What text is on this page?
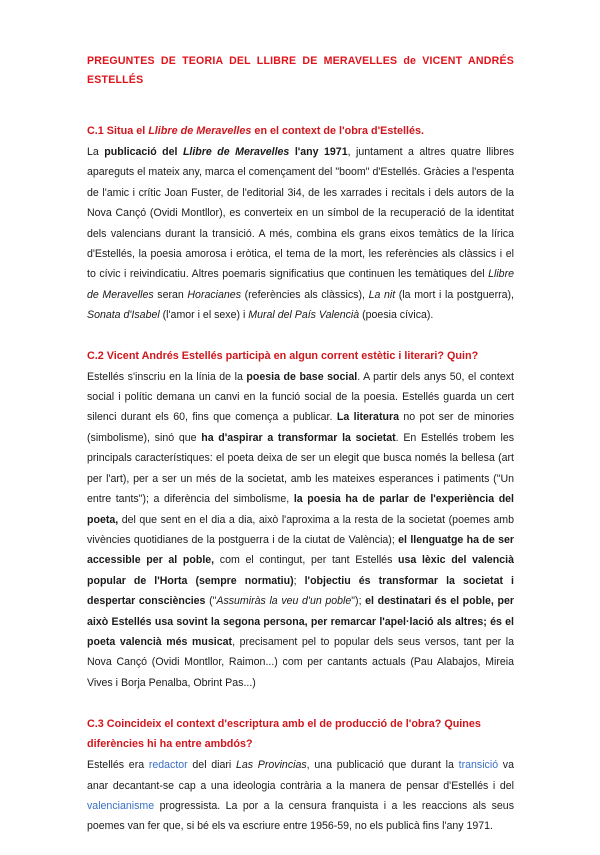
PREGUNTES DE TEORIA DEL LLIBRE DE MERAVELLES de VICENT ANDRÉS ESTELLÉS
C.1 Situa el Llibre de Meravelles en el context de l'obra d'Estellés.
La publicació del Llibre de Meravelles l'any 1971, juntament a altres quatre llibres apareguts el mateix any, marca el començament del "boom" d'Estellés. Gràcies a l'espenta de l'amic i crític Joan Fuster, de l'editorial 3i4, de les xarrades i recitals i dels autors de la Nova Cançó (Ovidi Montllor), es converteix en un símbol de la recuperació de la identitat dels valencians durant la transició. A més, combina els grans eixos temàtics de la lírica d'Estellés, la poesia amorosa i eròtica, el tema de la mort, les referències als clàssics i el to cívic i reivindicatiu. Altres poemaris significatius que continuen les temàtiques del Llibre de Meravelles seran Horacianes (referències als clàssics), La nit (la mort i la postguerra), Sonata d'Isabel (l'amor i el sexe) i Mural del País Valencià (poesia cívica).
C.2 Vicent Andrés Estellés participà en algun corrent estètic i literari? Quin?
Estellés s'inscriu en la línia de la poesia de base social. A partir dels anys 50, el context social i polític demana un canvi en la funció social de la poesia. Estellés guarda un cert silenci durant els 60, fins que comença a publicar. La literatura no pot ser de minories (simbolisme), sinó que ha d'aspirar a transformar la societat. En Estellés trobem les principals característiques: el poeta deixa de ser un elegit que busca només la bellesa (art per l'art), per a ser un més de la societat, amb les mateixes esperances i patiments ("Un entre tants"); a diferència del simbolisme, la poesia ha de parlar de l'experiència del poeta, del que sent en el dia a dia, això l'aproxima a la resta de la societat (poemes amb vivències quotidianes de la postguerra i de la ciutat de València); el llenguatge ha de ser accessible per al poble, com el contingut, per tant Estellés usa lèxic del valencià popular de l'Horta (sempre normatiu); l'objectiu és transformar la societat i despertar consciències ("Assumiràs la veu d'un poble"); el destinatari és el poble, per això Estellés usa sovint la segona persona, per remarcar l'apel·lació als altres; és el poeta valencià més musicat, precisament pel to popular dels seus versos, tant per la Nova Cançó (Ovidi Montllor, Raimon...) com per cantants actuals (Pau Alabajos, Mireia Vives i Borja Penalba, Obrint Pas...)
C.3 Coincideix el context d'escriptura amb el de producció de l'obra? Quines diferències hi ha entre ambdós?
Estellés era redactor del diari Las Provincias, una publicació que durant la transició va anar decantant-se cap a una ideologia contrària a la manera de pensar d'Estellés i del valencianisme progressista. La por a la censura franquista i a les reaccions als seus poemes van fer que, si bé els va escriure entre 1956-59, no els publicà fins l'any 1971.
